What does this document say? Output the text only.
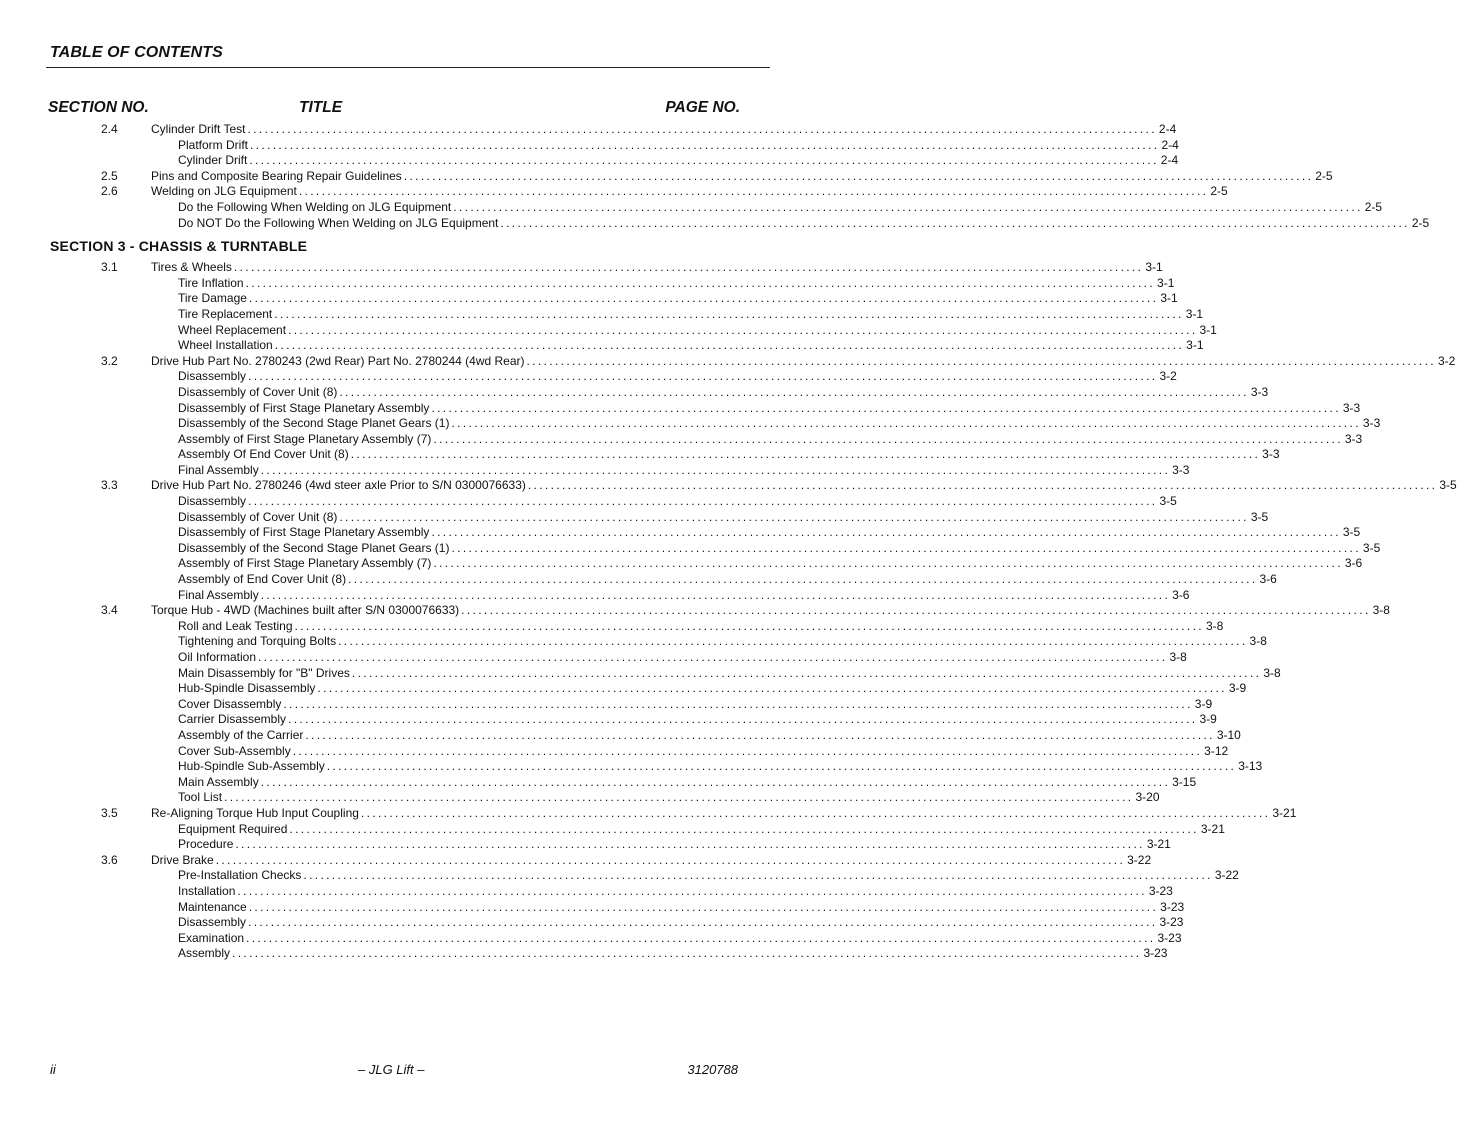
TABLE OF CONTENTS
SECTION NO.	TITLE	PAGE NO.
2.4	Cylinder Drift Test ................................................................................................................................................................ 2-4
Platform Drift ................................................................................................................................................................ 2-4
Cylinder Drift ................................................................................................................................................................ 2-4
2.5	Pins and Composite Bearing Repair Guidelines ................................................................................................................................................................ 2-5
2.6	Welding on JLG Equipment ................................................................................................................................................................ 2-5
Do the Following When Welding on JLG Equipment ................................................................................................................................................................ 2-5
Do NOT Do the Following When Welding on JLG Equipment ................................................................................................................................................................ 2-5
SECTION 3 - CHASSIS & TURNTABLE
3.1	Tires & Wheels ................................................................................................................................................................ 3-1
Tire Inflation ................................................................................................................................................................ 3-1
Tire Damage ................................................................................................................................................................ 3-1
Tire Replacement ................................................................................................................................................................ 3-1
Wheel Replacement ................................................................................................................................................................ 3-1
Wheel Installation ................................................................................................................................................................ 3-1
3.2	Drive Hub Part No. 2780243 (2wd Rear) Part No. 2780244 (4wd Rear) ................................................................................................................................................................ 3-2
Disassembly ................................................................................................................................................................ 3-2
Disassembly of Cover Unit (8) ................................................................................................................................................................ 3-3
Disassembly of First Stage Planetary Assembly ................................................................................................................................................................ 3-3
Disassembly of the Second Stage Planet Gears (1) ................................................................................................................................................................ 3-3
Assembly of First Stage Planetary Assembly (7) ................................................................................................................................................................ 3-3
Assembly Of End Cover Unit (8) ................................................................................................................................................................ 3-3
Final Assembly ................................................................................................................................................................ 3-3
3.3	Drive Hub Part No. 2780246 (4wd steer axle Prior to S/N 0300076633) ................................................................................................................................................................ 3-5
Disassembly ................................................................................................................................................................ 3-5
Disassembly of Cover Unit (8) ................................................................................................................................................................ 3-5
Disassembly of First Stage Planetary Assembly ................................................................................................................................................................ 3-5
Disassembly of the Second Stage Planet Gears (1) ................................................................................................................................................................ 3-5
Assembly of First Stage Planetary Assembly (7) ................................................................................................................................................................ 3-6
Assembly of End Cover Unit (8) ................................................................................................................................................................ 3-6
Final Assembly ................................................................................................................................................................ 3-6
3.4	Torque Hub - 4WD (Machines built after S/N 0300076633) ................................................................................................................................................................ 3-8
Roll and Leak Testing ................................................................................................................................................................ 3-8
Tightening and Torquing Bolts ................................................................................................................................................................ 3-8
Oil Information ................................................................................................................................................................ 3-8
Main Disassembly for "B" Drives ................................................................................................................................................................ 3-8
Hub-Spindle Disassembly ................................................................................................................................................................ 3-9
Cover Disassembly ................................................................................................................................................................ 3-9
Carrier Disassembly ................................................................................................................................................................ 3-9
Assembly of the Carrier ................................................................................................................................................................ 3-10
Cover Sub-Assembly ................................................................................................................................................................ 3-12
Hub-Spindle Sub-Assembly ................................................................................................................................................................ 3-13
Main Assembly ................................................................................................................................................................ 3-15
Tool List ................................................................................................................................................................ 3-20
3.5	Re-Aligning Torque Hub Input Coupling ................................................................................................................................................................ 3-21
Equipment Required ................................................................................................................................................................ 3-21
Procedure ................................................................................................................................................................ 3-21
3.6	Drive Brake ................................................................................................................................................................ 3-22
Pre-Installation Checks ................................................................................................................................................................ 3-22
Installation ................................................................................................................................................................ 3-23
Maintenance ................................................................................................................................................................ 3-23
Disassembly ................................................................................................................................................................ 3-23
Examination ................................................................................................................................................................ 3-23
Assembly ................................................................................................................................................................ 3-23
ii	– JLG Lift –	3120788
